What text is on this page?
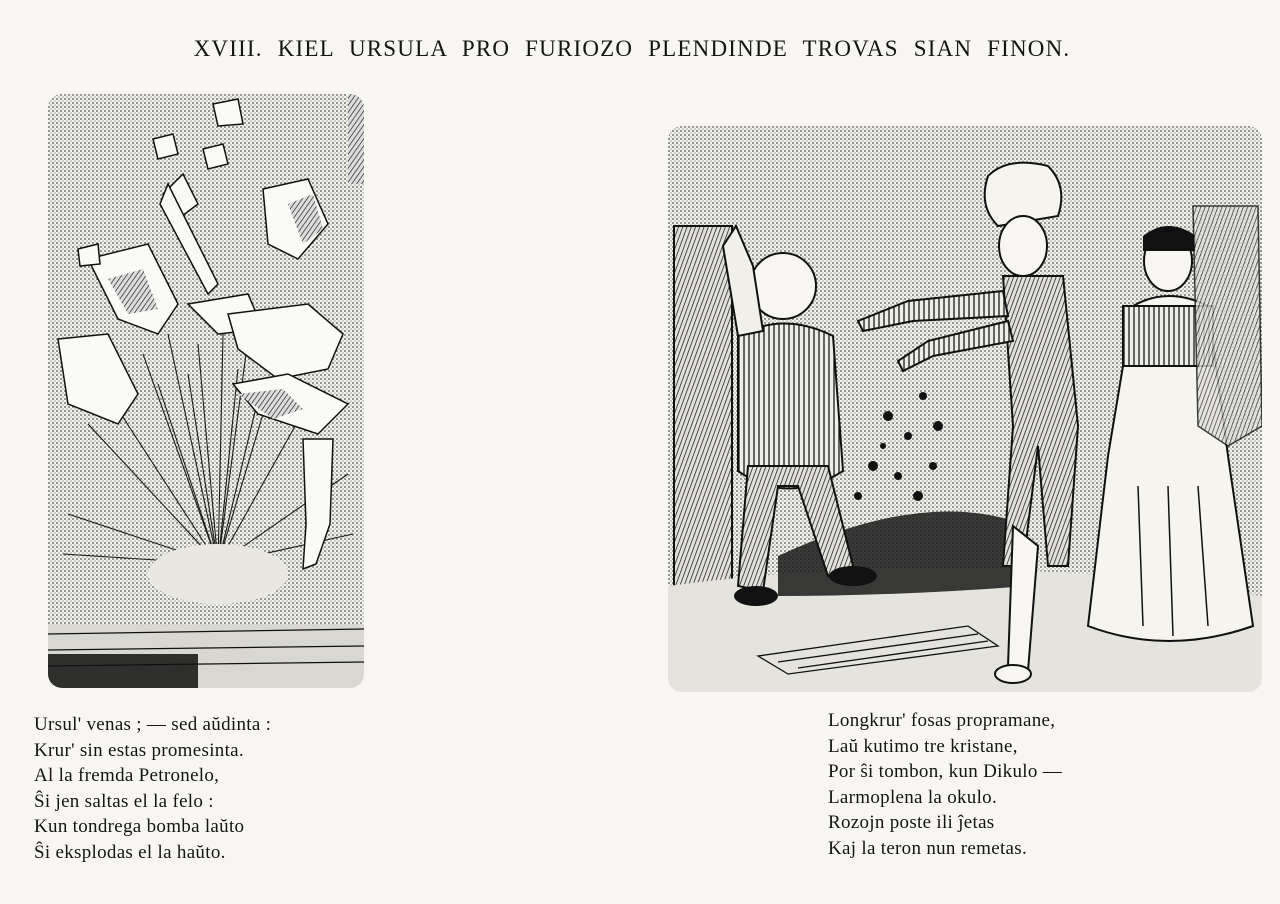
XVIII. KIEL URSULA PRO FURIOZO PLENDINDE TROVAS SIAN FINON.
Ursul' venas ; — sed aŭdinta :
Krur' sin estas promesinta.
Al la fremda Petronelo,
Ŝi jen saltas el la felo :
Kun tondrega bomba laŭto
Ŝi eksplodas el la haŭto.
Longkrur' fosas propramane,
Laŭ kutimo tre kristane,
Por ŝi tombon, kun Dikulo —
Larmoplena la okulo.
Rozojn poste ili ĵetas
Kaj la teron nun remetas.
